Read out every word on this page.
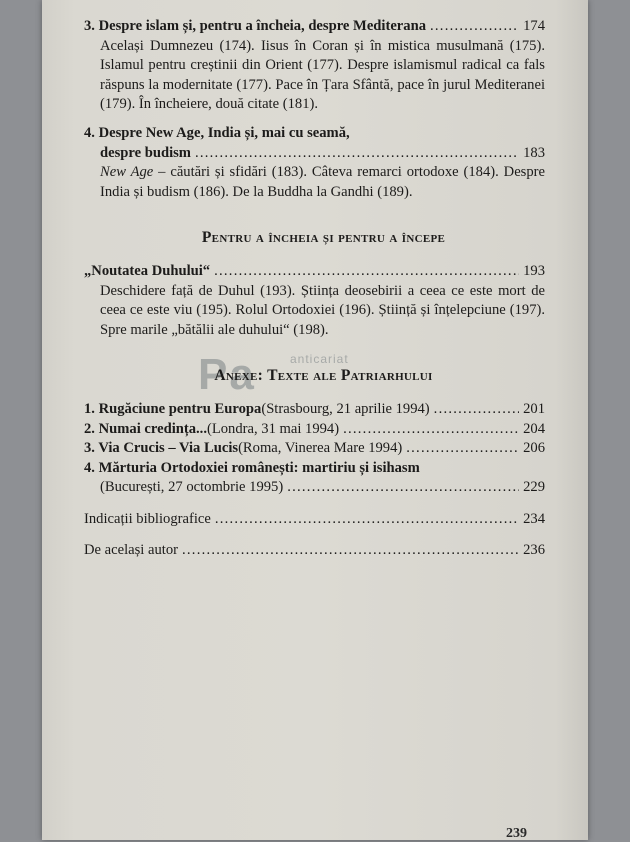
Pa	anticariat
3. Despre islam și, pentru a încheia, despre Mediterana . . .	174
Același Dumnezeu (174). Iisus în Coran și în mistica musulmană (175). Islamul pentru creștinii din Orient (177). Despre islamismul radical ca fals răspuns la modernitate (177). Pace în Țara Sfântă, pace în jurul Mediteranei (179). În încheiere, două citate (181).
4. Despre New Age, India și, mai cu seamă,
despre budism . . .	183
New Age – căutări și sfidări (183). Câteva remarci ortodoxe (184). Despre India și budism (186). De la Buddha la Gandhi (189).
Pentru a încheia și pentru a începe
„Noutatea Duhului“ . . .	193
Deschidere față de Duhul (193). Știința deosebirii a ceea ce este mort de ceea ce este viu (195). Rolul Ortodoxiei (196). Știință și înțelepciune (197). Spre marile „bătălii ale duhului“ (198).
Anexe: Texte ale Patriarhului
1. Rugăciune pentru Europa (Strasbourg, 21 aprilie 1994) . . .	201
2. Numai credința... (Londra, 31 mai 1994) . . .	204
3. Via Crucis – Via Lucis (Roma, Vinerea Mare 1994) . . .	206
4. Mărturia Ortodoxiei românești: martiriu și isihasm
(București, 27 octombrie 1995) . . .	229
Indicații bibliografice . . .	234
De același autor . . .	236
239
